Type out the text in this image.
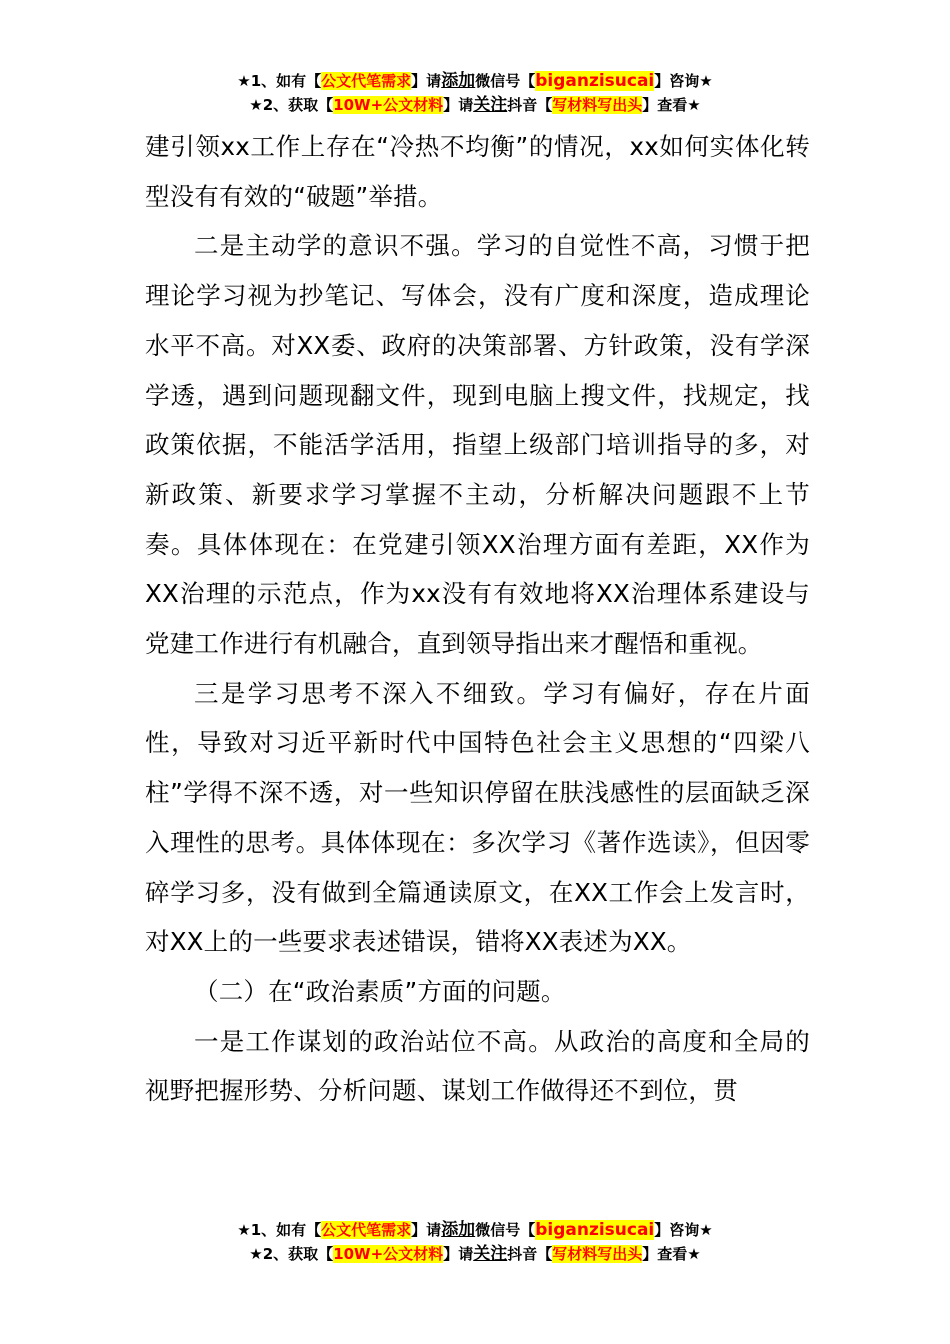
★1、如有【公文代笔需求】请添加微信号【biganzisucai】咨询★
★2、获取【10W+公文材料】请关注抖音【写材料写出头】查看★

建引领xx工作上存在“冷热不均衡”的情况，xx如何实体化转型没有有效的“破题”举措。

二是主动学的意识不强。学习的自觉性不高，习惯于把理论学习视为抄笔记、写体会，没有广度和深度，造成理论水平不高。对XX委、政府的决策部署、方针政策，没有学深学透，遇到问题现翻文件，现到电脑上搜文件，找规定，找政策依据，不能活学活用，指望上级部门培训指导的多，对新政策、新要求学习掌握不主动，分析解决问题跟不上节奏。具体体现在：在党建引领XX治理方面有差距，XX作为XX治理的示范点，作为xx没有有效地将XX治理体系建设与党建工作进行有机融合，直到领导指出来才醒悟和重视。

三是学习思考不深入不细致。学习有偏好，存在片面性，导致对习近平新时代中国特色社会主义思想的“四梁八柱”学得不深不透，对一些知识停留在肤浅感性的层面缺乏深入理性的思考。具体体现在：多次学习《著作选读》，但因零碎学习多，没有做到全篇通读原文，在XX工作会上发言时，对XX上的一些要求表述错误，错将XX表述为XX。

（二）在“政治素质”方面的问题。

一是工作谋划的政治站位不高。从政治的高度和全局的视野把握形势、分析问题、谋划工作做得还不到位，贯

★1、如有【公文代笔需求】请添加微信号【biganzisucai】咨询★
★2、获取【10W+公文材料】请关注抖音【写材料写出头】查看★
